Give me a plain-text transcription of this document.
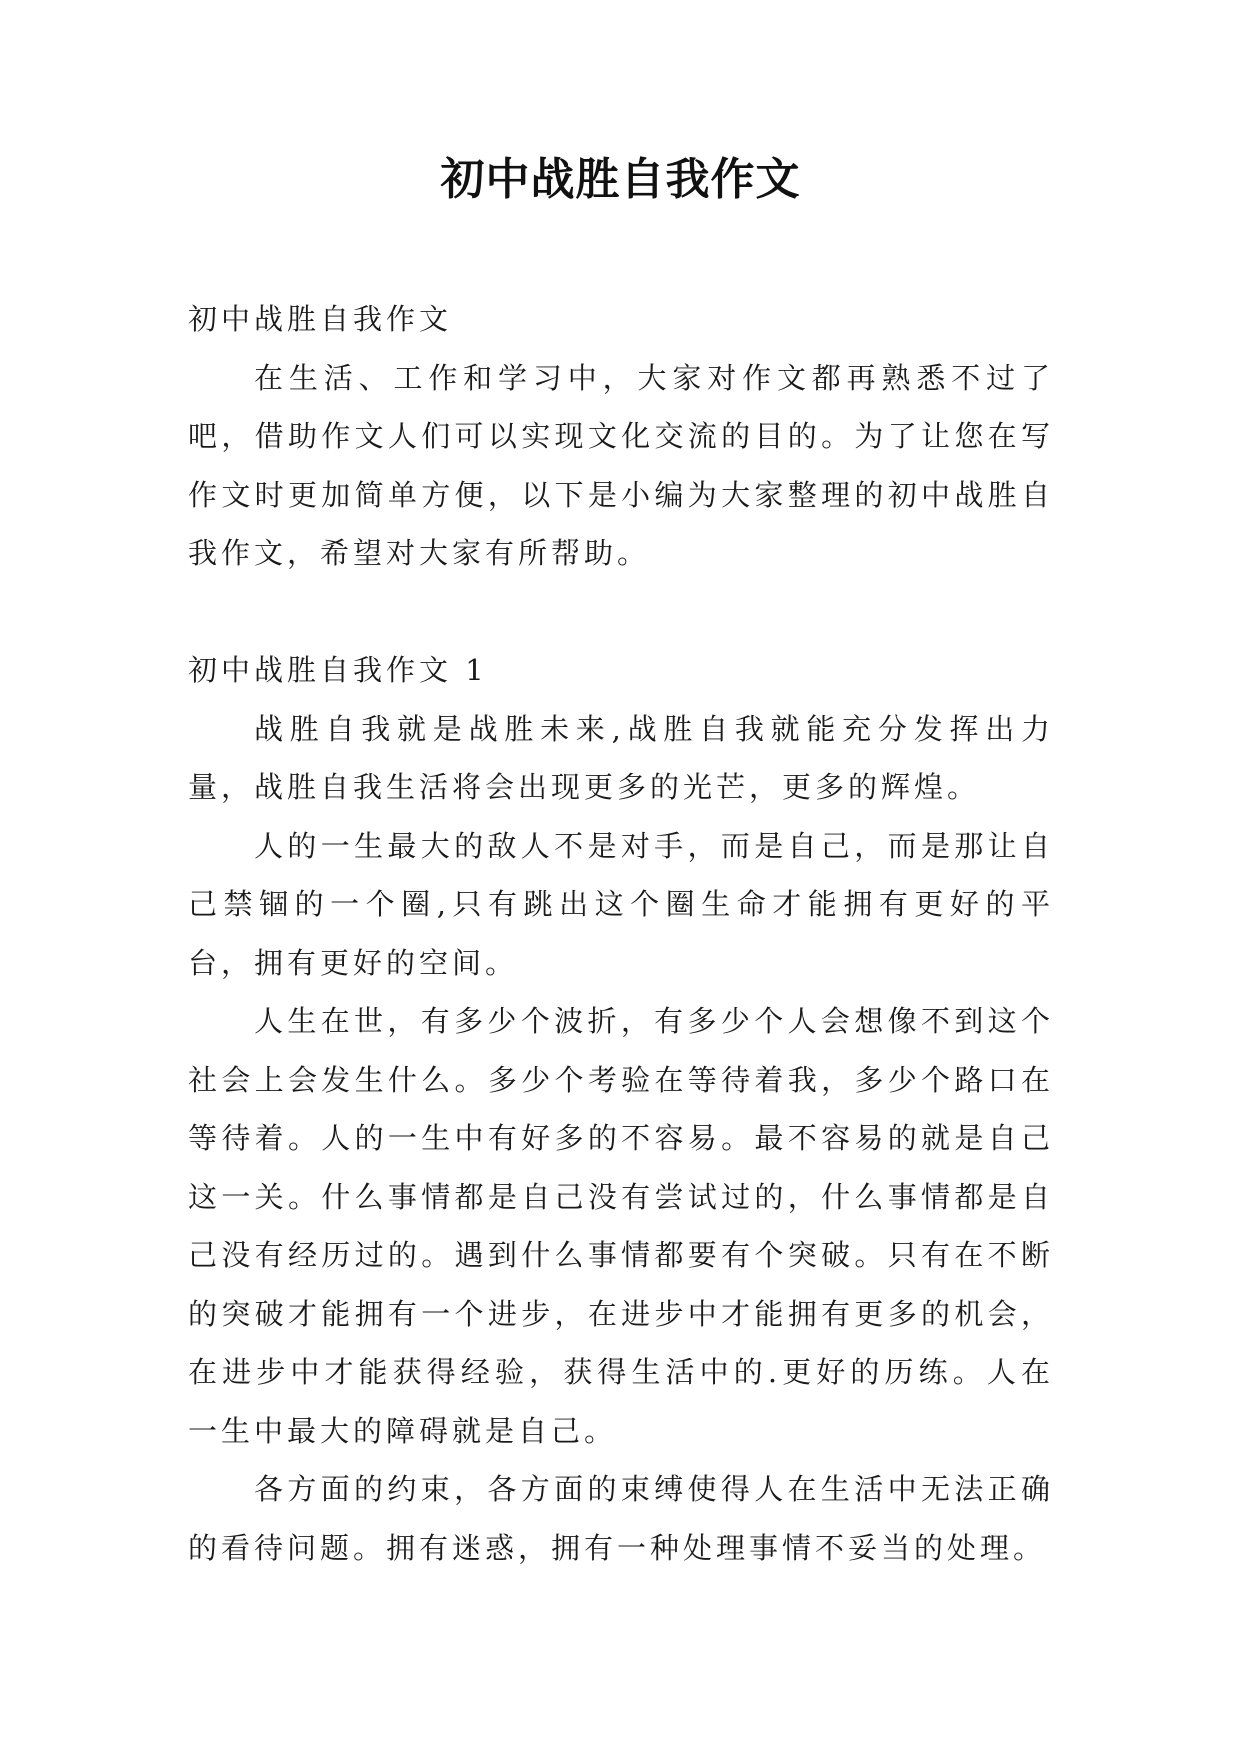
初中战胜自我作文

初中战胜自我作文

在生活、工作和学习中，大家对作文都再熟悉不过了吧，借助作文人们可以实现文化交流的目的。为了让您在写作文时更加简单方便，以下是小编为大家整理的初中战胜自我作文，希望对大家有所帮助。

初中战胜自我作文 1

战胜自我就是战胜未来,战胜自我就能充分发挥出力量，战胜自我生活将会出现更多的光芒，更多的辉煌。

人的一生最大的敌人不是对手，而是自己，而是那让自己禁锢的一个圈,只有跳出这个圈生命才能拥有更好的平台，拥有更好的空间。

人生在世，有多少个波折，有多少个人会想像不到这个社会上会发生什么。多少个考验在等待着我，多少个路口在等待着。人的一生中有好多的不容易。最不容易的就是自己这一关。什么事情都是自己没有尝试过的，什么事情都是自己没有经历过的。遇到什么事情都要有个突破。只有在不断的突破才能拥有一个进步，在进步中才能拥有更多的机会，在进步中才能获得经验，获得生活中的.更好的历练。人在一生中最大的障碍就是自己。

各方面的约束，各方面的束缚使得人在生活中无法正确的看待问题。拥有迷惑，拥有一种处理事情不妥当的处理。
